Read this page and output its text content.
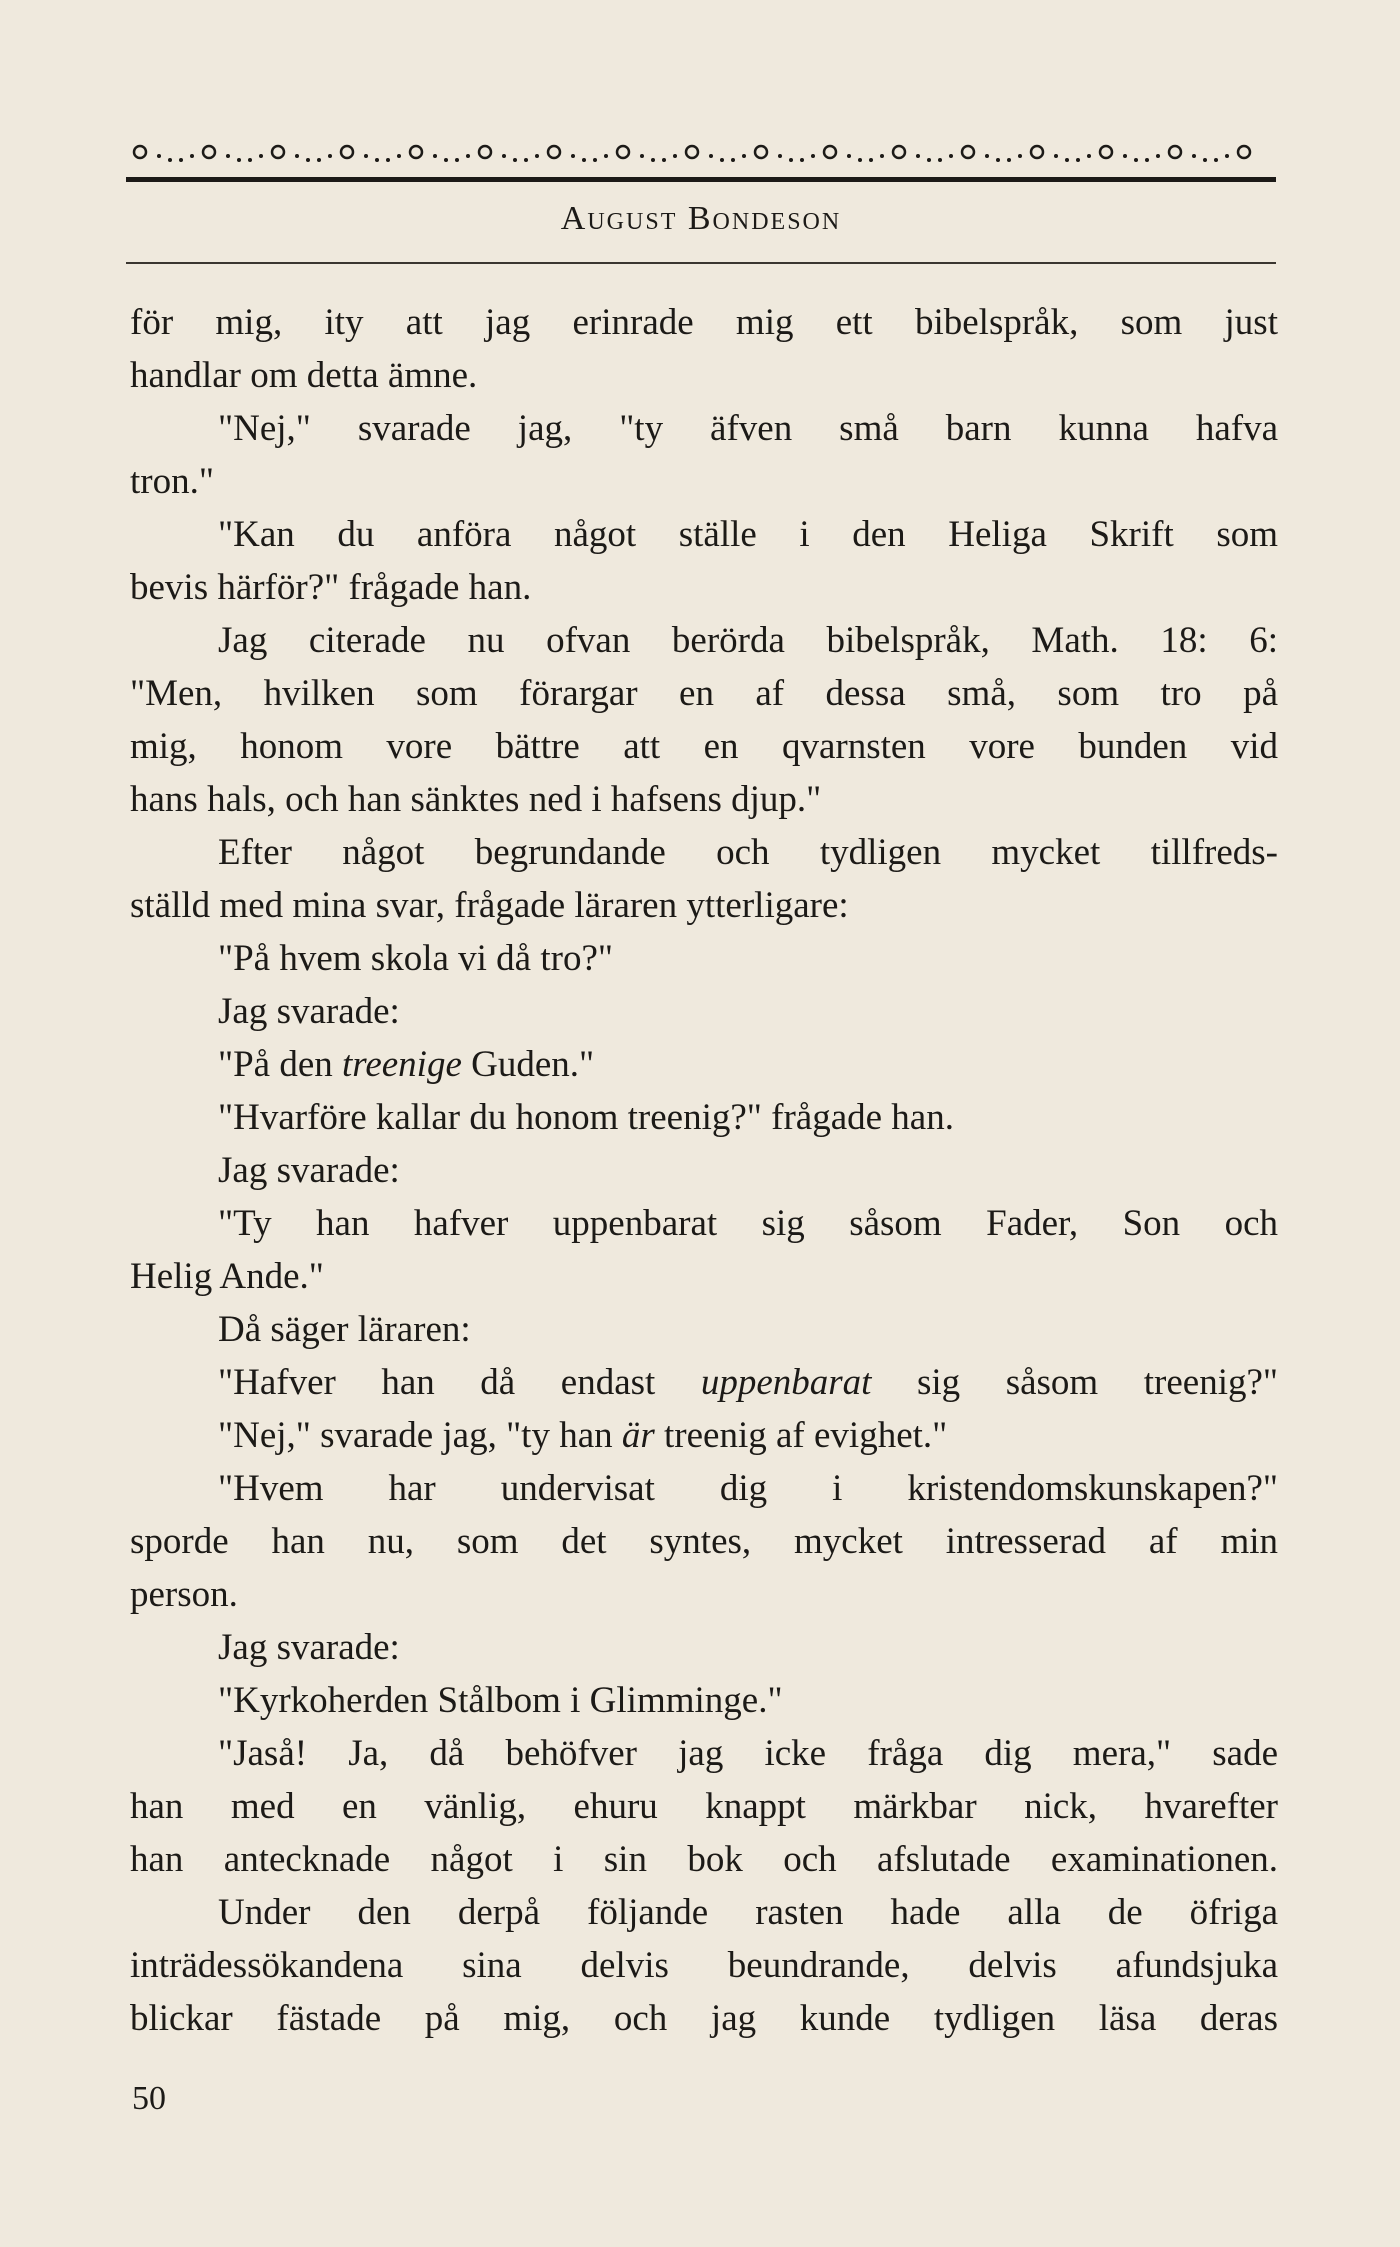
August Bondeson
för mig, ity att jag erinrade mig ett bibelspråk, som just
handlar om detta ämne.
"Nej," svarade jag, "ty äfven små barn kunna hafva
tron."
"Kan du anföra något ställe i den Heliga Skrift som
bevis härför?" frågade han.
Jag citerade nu ofvan berörda bibelspråk, Math. 18: 6:
"Men, hvilken som förargar en af dessa små, som tro på
mig, honom vore bättre att en qvarnsten vore bunden vid
hans hals, och han sänktes ned i hafsens djup."
Efter något begrundande och tydligen mycket tillfreds-
ställd med mina svar, frågade läraren ytterligare:
"På hvem skola vi då tro?"
Jag svarade:
"På den treenige Guden."
"Hvarföre kallar du honom treenig?" frågade han.
Jag svarade:
"Ty han hafver uppenbarat sig såsom Fader, Son och
Helig Ande."
Då säger läraren:
"Hafver han då endast uppenbarat sig såsom treenig?"
"Nej," svarade jag, "ty han är treenig af evighet."
"Hvem har undervisat dig i kristendomskunskapen?"
sporde han nu, som det syntes, mycket intresserad af min
person.
Jag svarade:
"Kyrkoherden Stålbom i Glimminge."
"Jaså! Ja, då behöfver jag icke fråga dig mera," sade
han med en vänlig, ehuru knappt märkbar nick, hvarefter
han antecknade något i sin bok och afslutade examinationen.
Under den derpå följande rasten hade alla de öfriga
inträdessökandena sina delvis beundrande, delvis afundsjuka
blickar fästade på mig, och jag kunde tydligen läsa deras
50
